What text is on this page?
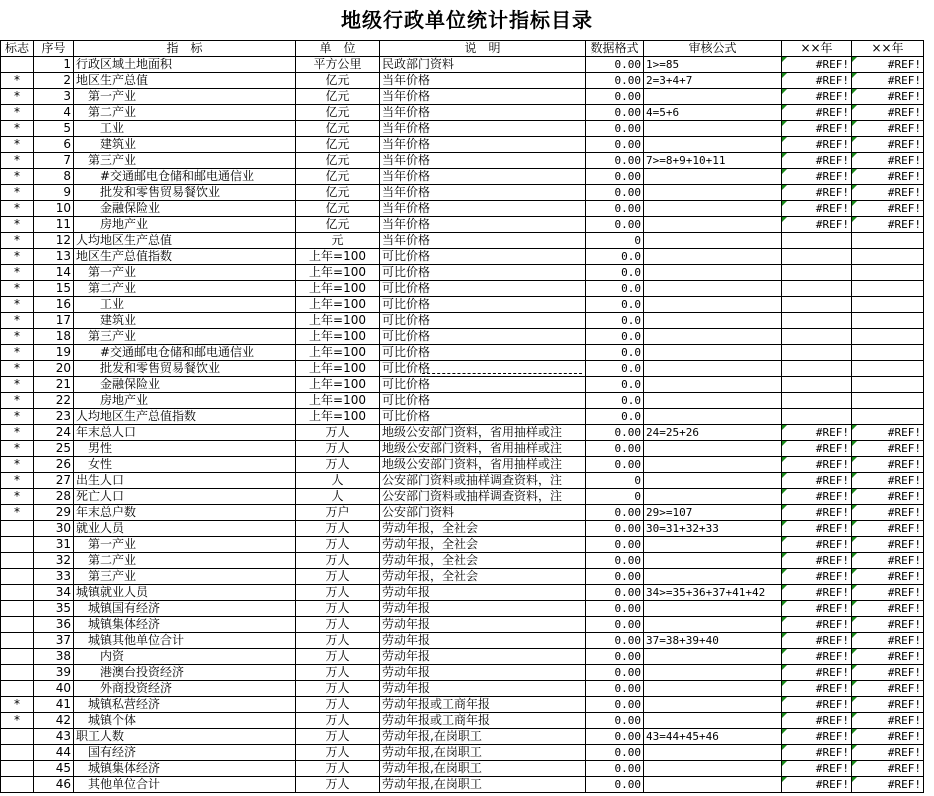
地级行政单位统计指标目录
标志	序号	指　标	单　位	说　明	数据格式	审核公式	××年	××年
	1	行政区域土地面积	平方公里	民政部门资料	0.00	1>=85	#REF!	#REF!
*	2	地区生产总值	亿元	当年价格	0.00	2=3+4+7	#REF!	#REF!
*	3	　第一产业	亿元	当年价格	0.00		#REF!	#REF!
*	4	　第二产业	亿元	当年价格	0.00	4=5+6	#REF!	#REF!
*	5	　　工业	亿元	当年价格	0.00		#REF!	#REF!
*	6	　　建筑业	亿元	当年价格	0.00		#REF!	#REF!
*	7	　第三产业	亿元	当年价格	0.00	7>=8+9+10+11	#REF!	#REF!
*	8	　　#交通邮电仓储和邮电通信业	亿元	当年价格	0.00		#REF!	#REF!
*	9	　　批发和零售贸易餐饮业	亿元	当年价格	0.00		#REF!	#REF!
*	10	　　金融保险业	亿元	当年价格	0.00		#REF!	#REF!
*	11	　　房地产业	亿元	当年价格	0.00		#REF!	#REF!
*	12	人均地区生产总值	元	当年价格	0			
*	13	地区生产总值指数	上年=100	可比价格	0.0			
*	14	　第一产业	上年=100	可比价格	0.0			
*	15	　第二产业	上年=100	可比价格	0.0			
*	16	　　工业	上年=100	可比价格	0.0			
*	17	　　建筑业	上年=100	可比价格	0.0			
*	18	　第三产业	上年=100	可比价格	0.0			
*	19	　　#交通邮电仓储和邮电通信业	上年=100	可比价格	0.0			
*	20	　　批发和零售贸易餐饮业	上年=100	可比价格	0.0			
*	21	　　金融保险业	上年=100	可比价格	0.0			
*	22	　　房地产业	上年=100	可比价格	0.0			
*	23	人均地区生产总值指数	上年=100	可比价格	0.0			
*	24	年末总人口	万人	地级公安部门资料，省用抽样或注	0.00	24=25+26	#REF!	#REF!
*	25	　男性	万人	地级公安部门资料，省用抽样或注	0.00		#REF!	#REF!
*	26	　女性	万人	地级公安部门资料，省用抽样或注	0.00		#REF!	#REF!
*	27	出生人口	人	公安部门资料或抽样调查资料，注	0		#REF!	#REF!
*	28	死亡人口	人	公安部门资料或抽样调查资料，注	0		#REF!	#REF!
*	29	年末总户数	万户	公安部门资料	0.00	29>=107	#REF!	#REF!
	30	就业人员	万人	劳动年报，全社会	0.00	30=31+32+33	#REF!	#REF!
	31	　第一产业	万人	劳动年报，全社会	0.00		#REF!	#REF!
	32	　第二产业	万人	劳动年报，全社会	0.00		#REF!	#REF!
	33	　第三产业	万人	劳动年报，全社会	0.00		#REF!	#REF!
	34	城镇就业人员	万人	劳动年报	0.00	34>=35+36+37+41+42	#REF!	#REF!
	35	　城镇国有经济	万人	劳动年报	0.00		#REF!	#REF!
	36	　城镇集体经济	万人	劳动年报	0.00		#REF!	#REF!
	37	　城镇其他单位合计	万人	劳动年报	0.00	37=38+39+40	#REF!	#REF!
	38	　　内资	万人	劳动年报	0.00		#REF!	#REF!
	39	　　港澳台投资经济	万人	劳动年报	0.00		#REF!	#REF!
	40	　　外商投资经济	万人	劳动年报	0.00		#REF!	#REF!
*	41	　城镇私营经济	万人	劳动年报或工商年报	0.00		#REF!	#REF!
*	42	　城镇个体	万人	劳动年报或工商年报	0.00		#REF!	#REF!
	43	职工人数	万人	劳动年报,在岗职工	0.00	43=44+45+46	#REF!	#REF!
	44	　国有经济	万人	劳动年报,在岗职工	0.00		#REF!	#REF!
	45	　城镇集体经济	万人	劳动年报,在岗职工	0.00		#REF!	#REF!
	46	　其他单位合计	万人	劳动年报,在岗职工	0.00		#REF!	#REF!
